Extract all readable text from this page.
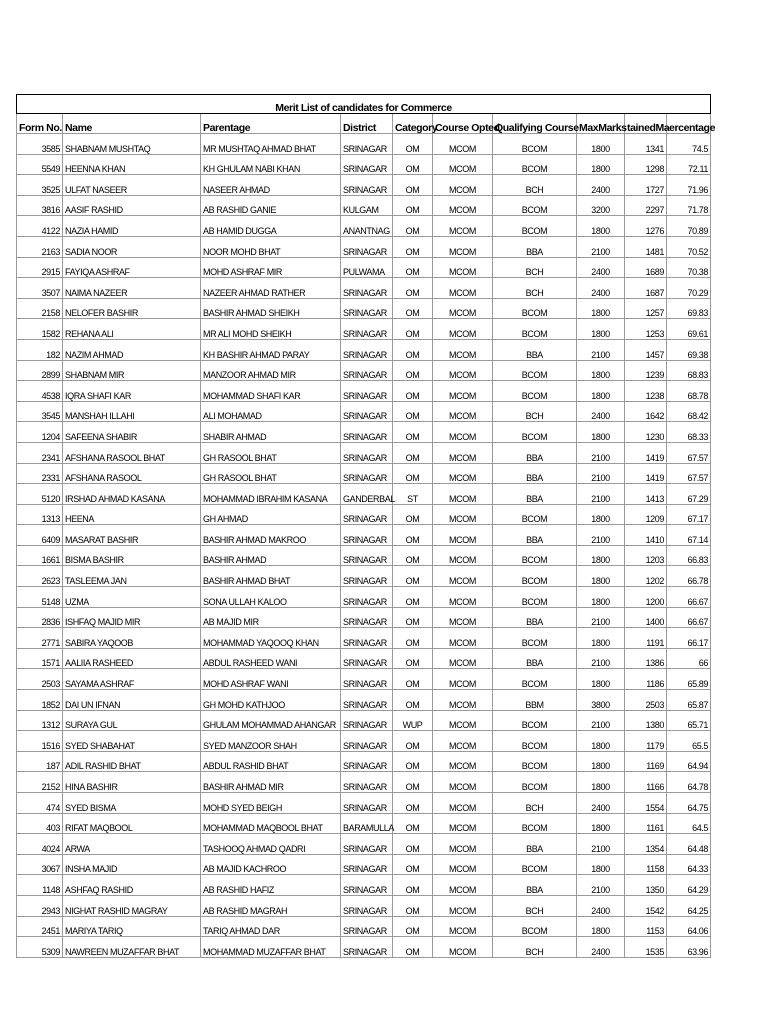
Merit List of candidates for Commerce									
Form No.	Name	Parentage	District	Category	Course Opted	Qualifying Course	MaxMarks	tainedMa	ercentage
3585	SHABNAM MUSHTAQ	MR MUSHTAQ AHMAD BHAT	SRINAGAR	OM	MCOM	BCOM	1800	1341	74.5
5549	HEENNA KHAN	KH GHULAM NABI KHAN	SRINAGAR	OM	MCOM	BCOM	1800	1298	72.11
3525	ULFAT NASEER	NASEER AHMAD	SRINAGAR	OM	MCOM	BCH	2400	1727	71.96
3816	AASIF RASHID	AB RASHID GANIE	KULGAM	OM	MCOM	BCOM	3200	2297	71.78
4122	NAZIA HAMID	AB HAMID DUGGA	ANANTNAG	OM	MCOM	BCOM	1800	1276	70.89
2163	SADIA NOOR	NOOR MOHD BHAT	SRINAGAR	OM	MCOM	BBA	2100	1481	70.52
2915	FAYIQA ASHRAF	MOHD ASHRAF MIR	PULWAMA	OM	MCOM	BCH	2400	1689	70.38
3507	NAIMA NAZEER	NAZEER AHMAD RATHER	SRINAGAR	OM	MCOM	BCH	2400	1687	70.29
2158	NELOFER BASHIR	BASHIR AHMAD SHEIKH	SRINAGAR	OM	MCOM	BCOM	1800	1257	69.83
1582	REHANA ALI	MR ALI MOHD SHEIKH	SRINAGAR	OM	MCOM	BCOM	1800	1253	69.61
182	NAZIM AHMAD	KH BASHIR AHMAD PARAY	SRINAGAR	OM	MCOM	BBA	2100	1457	69.38
2899	SHABNAM MIR	MANZOOR AHMAD MIR	SRINAGAR	OM	MCOM	BCOM	1800	1239	68.83
4538	IQRA SHAFI KAR	MOHAMMAD SHAFI KAR	SRINAGAR	OM	MCOM	BCOM	1800	1238	68.78
3545	MANSHAH ILLAHI	ALI MOHAMAD	SRINAGAR	OM	MCOM	BCH	2400	1642	68.42
1204	SAFEENA SHABIR	SHABIR AHMAD	SRINAGAR	OM	MCOM	BCOM	1800	1230	68.33
2341	AFSHANA RASOOL BHAT	GH RASOOL BHAT	SRINAGAR	OM	MCOM	BBA	2100	1419	67.57
2331	AFSHANA RASOOL	GH RASOOL BHAT	SRINAGAR	OM	MCOM	BBA	2100	1419	67.57
5120	IRSHAD AHMAD KASANA	MOHAMMAD IBRAHIM KASANA	GANDERBAL	ST	MCOM	BBA	2100	1413	67.29
1313	HEENA	GH AHMAD	SRINAGAR	OM	MCOM	BCOM	1800	1209	67.17
6409	MASARAT BASHIR	BASHIR AHMAD MAKROO	SRINAGAR	OM	MCOM	BBA	2100	1410	67.14
1661	BISMA BASHIR	BASHIR AHMAD	SRINAGAR	OM	MCOM	BCOM	1800	1203	66.83
2623	TASLEEMA JAN	BASHIR AHMAD BHAT	SRINAGAR	OM	MCOM	BCOM	1800	1202	66.78
5148	UZMA	SONA ULLAH KALOO	SRINAGAR	OM	MCOM	BCOM	1800	1200	66.67
2836	ISHFAQ MAJID MIR	AB MAJID MIR	SRINAGAR	OM	MCOM	BBA	2100	1400	66.67
2771	SABIRA YAQOOB	MOHAMMAD YAQOOQ KHAN	SRINAGAR	OM	MCOM	BCOM	1800	1191	66.17
1571	AALIIA RASHEED	ABDUL RASHEED WANI	SRINAGAR	OM	MCOM	BBA	2100	1386	66
2503	SAYAMA ASHRAF	MOHD ASHRAF WANI	SRINAGAR	OM	MCOM	BCOM	1800	1186	65.89
1852	DAI UN IFNAN	GH MOHD KATHJOO	SRINAGAR	OM	MCOM	BBM	3800	2503	65.87
1312	SURAYA GUL	GHULAM MOHAMMAD AHANGAR	SRINAGAR	WUP	MCOM	BCOM	2100	1380	65.71
1516	SYED SHABAHAT	SYED MANZOOR SHAH	SRINAGAR	OM	MCOM	BCOM	1800	1179	65.5
187	ADIL RASHID BHAT	ABDUL RASHID BHAT	SRINAGAR	OM	MCOM	BCOM	1800	1169	64.94
2152	HINA BASHIR	BASHIR AHMAD MIR	SRINAGAR	OM	MCOM	BCOM	1800	1166	64.78
474	SYED BISMA	MOHD SYED BEIGH	SRINAGAR	OM	MCOM	BCH	2400	1554	64.75
403	RIFAT MAQBOOL	MOHAMMAD MAQBOOL BHAT	BARAMULLA	OM	MCOM	BCOM	1800	1161	64.5
4024	ARWA	TASHOOQ AHMAD QADRI	SRINAGAR	OM	MCOM	BBA	2100	1354	64.48
3067	INSHA MAJID	AB MAJID KACHROO	SRINAGAR	OM	MCOM	BCOM	1800	1158	64.33
1148	ASHFAQ RASHID	AB RASHID HAFIZ	SRINAGAR	OM	MCOM	BBA	2100	1350	64.29
2943	NIGHAT RASHID MAGRAY	AB RASHID MAGRAH	SRINAGAR	OM	MCOM	BCH	2400	1542	64.25
2451	MARIYA TARIQ	TARIQ AHMAD DAR	SRINAGAR	OM	MCOM	BCOM	1800	1153	64.06
5309	NAWREEN MUZAFFAR BHAT	MOHAMMAD MUZAFFAR BHAT	SRINAGAR	OM	MCOM	BCH	2400	1535	63.96
